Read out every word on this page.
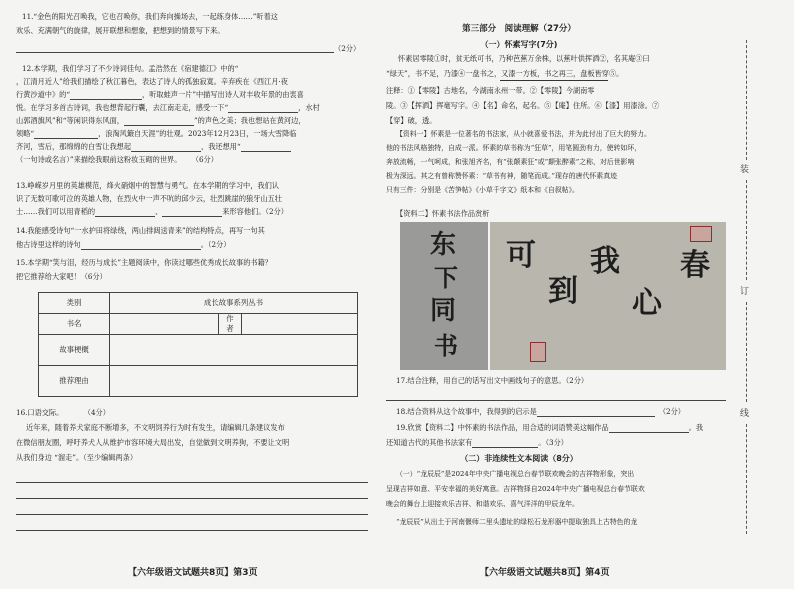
11.“金色的阳光召唤我，它也召唤你，我们奔向操场去，一起练身体……”听着这
欢乐、充满朝气的旋律，展开联想和想象，把想到的情景写下来。
（2分）
12.本学期，我们学习了不少诗词佳句。孟浩然在《宿建德江》中的“
，江清月近人”给我们描绘了秋江暮色，表达了诗人的孤独寂寞。辛弃疾在《西江月·夜
行黄沙道中》的“	，听取蛙声一片”中描写出诗人对丰收年景的由衷喜
悦。在学习多首古诗词，我也想背起行囊，去江南走走，感受一下“	，水村
山郭酒旗风”和“等闲识得东风面，	”的声色之美；我也想站在黄河边，
领略“	，浪淘风簸自天涯”的壮观。2023年12月23日，一场大雪降临
齐河，雪后，那绵绵的白雪让我想起	，我还想用“
（一句诗或名言）”来描绘我眼前这粉妆玉砌的世界。 （6分）
13.峥嵘岁月里的英雄模范，烽火硝烟中的智慧与勇气。在本学期的学习中，我们认
识了无数可歌可泣的英雄人物，在烈火中一声不吭的邱少云，壮烈跳崖的狼牙山五壮
士……我们可以用青稻的	、	来形容他们。（2分）
14.我能感受诗句“一水护田将绿绕，两山排闼送青来”的结构特点，再写一句其
他古诗里这样的诗句	。（2分）
15.本学期“笑与泪，经历与成长”主题阅读中，你读过哪些优秀成长故事的书籍？
把它推荐给大家吧！（6分）
类别	成长故事系列丛书		
书名		作者	
故事梗概			
推荐理由			
16.口语交际。	（4分）
近年来，随着养犬家庭不断增多，不文明饲养行为时有发生，请编辑几条建议发布
在微信朋友圈，呼吁养犬人从维护市容环境大局出发，自觉做到文明养狗，不要让文明
从我们身边 “溜走”。（至少编辑两条）
【六年级语文试题共8页】第3页
第三部分　阅读理解（27分）
（一）怀素写字(7分)
怀素居零陵①时，贫无纸可书，乃种芭蕉万余株，以蕉叶供挥洒②，名其庵③曰
“绿天”，书不足，乃漆④一盘书之，又漆一方板，书之再三，盘板皆穿⑤。
注释：①【零陵】古地名，今湖南永州一带。②【零陵】今湖南零
陵。③【挥洒】挥毫写字。④【名】命名，起名。⑤【庵】住所。⑥【漆】用漆涂。⑦
【穿】破，透。
【资料一】怀素是一位著名的书法家，从小就喜爱书法，并为此付出了巨大的努力。
他的书法风格独特，自成一派。怀素的草书称为“狂草”，用笔圆劲有力，使转如环，
奔放流畅，一气呵成，和张旭齐名，有“张颠素狂”或“颠张醉素”之称，对后世影响
极为深远。其之有曾称赞怀素：“草书有神，随笔而成。”现存的唐代怀素真迹
只有三件：分别是《苦笋帖》《小草千字文》纸本和《自叙帖》。
【资料二】怀素书法作品赏析
东
下
同
书
可
到
我
心
春
17.结合注释，用自己的话写出文中画线句子的意思。（2分）
18.结合资料从这个故事中，我得到的启示是	（2分）
19.欣赏【资料二】中怀素的书法作品，用合适的词语赞美这幅作品	。我
还知道古代的其他书法家有	。（3分）
（二）非连续性文本阅读（8分）
（一）“龙辰辰”是2024年中央广播电视总台春节联欢晚会的吉祥物形象，突出
呈现吉祥如意、平安幸福的美好寓意。吉祥物择自2024年中央广播电视总台春节联欢
晚会的舞台上迎接欢乐吉祥、和谐欢乐、喜气洋洋的甲辰龙年。
“龙辰辰”从出土于河南偃师二里头遗址的绿松石龙形器中提取独具上古特色的龙
【六年级语文试题共8页】第4页
装
订
线
